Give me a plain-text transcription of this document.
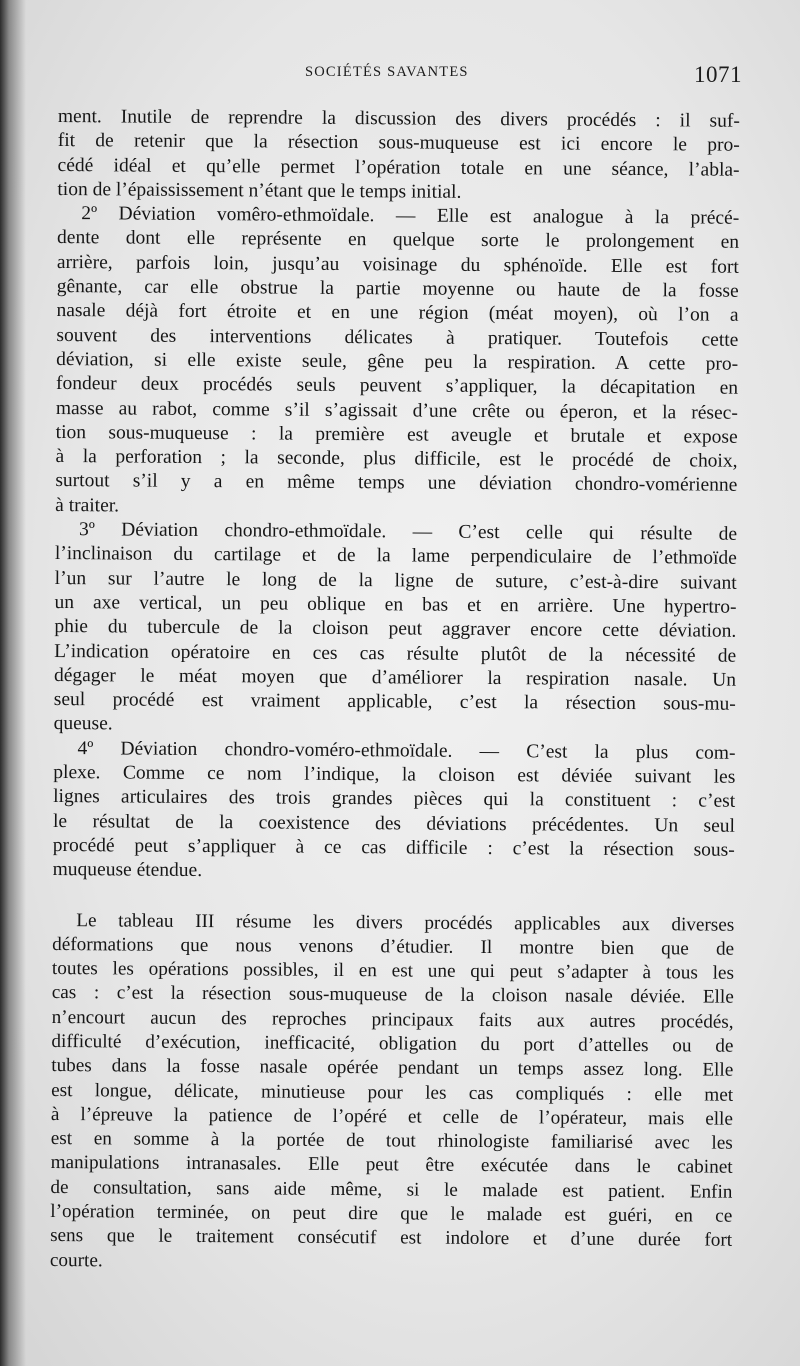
SOCIÉTÉS SAVANTES	1071
ment. Inutile de reprendre la discussion des divers procédés : il suf-
fit de retenir que la résection sous-muqueuse est ici encore le pro-
cédé idéal et qu’elle permet l’opération totale en une séance, l’abla-
tion de l’épaississement n’étant que le temps initial.
2º Déviation vomêro-ethmoïdale. — Elle est analogue à la précé-
dente dont elle représente en quelque sorte le prolongement en
arrière, parfois loin, jusqu’au voisinage du sphénoïde. Elle est fort
gênante, car elle obstrue la partie moyenne ou haute de la fosse
nasale déjà fort étroite et en une région (méat moyen), où l’on a
souvent des interventions délicates à pratiquer. Toutefois cette
déviation, si elle existe seule, gêne peu la respiration. A cette pro-
fondeur deux procédés seuls peuvent s’appliquer, la décapitation en
masse au rabot, comme s’il s’agissait d’une crête ou éperon, et la résec-
tion sous-muqueuse : la première est aveugle et brutale et expose
à la perforation ; la seconde, plus difficile, est le procédé de choix,
surtout s’il y a en même temps une déviation chondro-vomérienne
à traiter.
3º Déviation chondro-ethmoïdale. — C’est celle qui résulte de
l’inclinaison du cartilage et de la lame perpendiculaire de l’ethmoïde
l’un sur l’autre le long de la ligne de suture, c’est-à-dire suivant
un axe vertical, un peu oblique en bas et en arrière. Une hypertro-
phie du tubercule de la cloison peut aggraver encore cette déviation.
L’indication opératoire en ces cas résulte plutôt de la nécessité de
dégager le méat moyen que d’améliorer la respiration nasale. Un
seul procédé est vraiment applicable, c’est la résection sous-mu-
queuse.
4º Déviation chondro-voméro-ethmoïdale. — C’est la plus com-
plexe. Comme ce nom l’indique, la cloison est déviée suivant les
lignes articulaires des trois grandes pièces qui la constituent : c’est
le résultat de la coexistence des déviations précédentes. Un seul
procédé peut s’appliquer à ce cas difficile : c’est la résection sous-
muqueuse étendue.
Le tableau III résume les divers procédés applicables aux diverses
déformations que nous venons d’étudier. Il montre bien que de
toutes les opérations possibles, il en est une qui peut s’adapter à tous les
cas : c’est la résection sous-muqueuse de la cloison nasale déviée. Elle
n’encourt aucun des reproches principaux faits aux autres procédés,
difficulté d’exécution, inefficacité, obligation du port d’attelles ou de
tubes dans la fosse nasale opérée pendant un temps assez long. Elle
est longue, délicate, minutieuse pour les cas compliqués : elle met
à l’épreuve la patience de l’opéré et celle de l’opérateur, mais elle
est en somme à la portée de tout rhinologiste familiarisé avec les
manipulations intranasales. Elle peut être exécutée dans le cabinet
de consultation, sans aide même, si le malade est patient. Enfin
l’opération terminée, on peut dire que le malade est guéri, en ce
sens que le traitement consécutif est indolore et d’une durée fort
courte.
